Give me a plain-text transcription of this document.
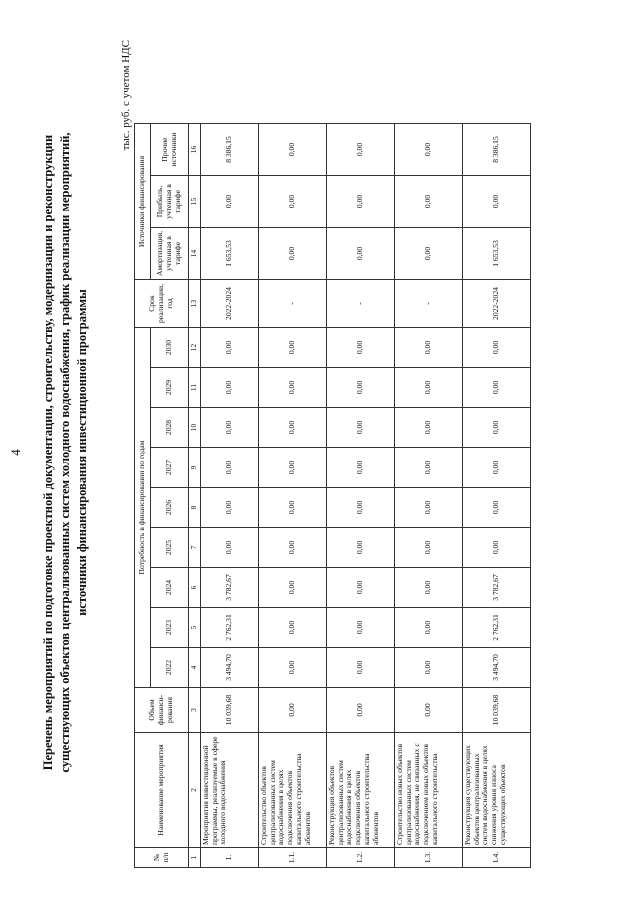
4 Перечень мероприятий по подготовке проектной документации, строительству, модернизации и реконструкции существующих объектов централизованных систем холодного водоснабжения, график реализации мероприятий, источники финансирования инвестиционной программы
тыс. руб. с учетом НДС
№ п/п	Наименование мероприятия	Объем финанси-рования	Потребность в финансировании по годам									Срок реализации, год	Источники финансирования		
			2022	2023	2024	2025	2026	2027	2028	2029	2030		Амортизация, учтенная в тарифе	Прибыль, учтенная в тарифе	Прочие источники
1	2	3	4	5	6	7	8	9	10	11	12	13	14	15	16
1.	Мероприятия инвестиционной программы, реализуемые в сфере холодного водоснабжения	10 039,68	3 494,70	2 762,31	3 782,67	0,00	0,00	0,00	0,00	0,00	0,00	2022-2024	1 653,53	0,00	8 386,15
1.1.	Строительство объектов централизованных систем водоснабжения в целях подключения объектов капитального строительства абонентов	0,00	0,00	0,00	0,00	0,00	0,00	0,00	0,00	0,00	0,00	-	0,00	0,00	0,00
1.2.	Реконструкция объектов централизованных систем водоснабжения в целях подключения объектов капитального строительства абонентов	0,00	0,00	0,00	0,00	0,00	0,00	0,00	0,00	0,00	0,00	-	0,00	0,00	0,00
1.3.	Строительство новых объектов централизованных систем водоснабжения, не связанных с подключением новых объектов капитального строительства	0,00	0,00	0,00	0,00	0,00	0,00	0,00	0,00	0,00	0,00	-	0,00	0,00	0,00
1.4.	Реконструкция существующих объектов централизованных систем водоснабжения в целях снижения уровня износа существующих объектов	10 039,68	3 494,70	2 762,31	3 782,67	0,00	0,00	0,00	0,00	0,00	0,00	2022-2024	1 653,53	0,00	8 386,15
